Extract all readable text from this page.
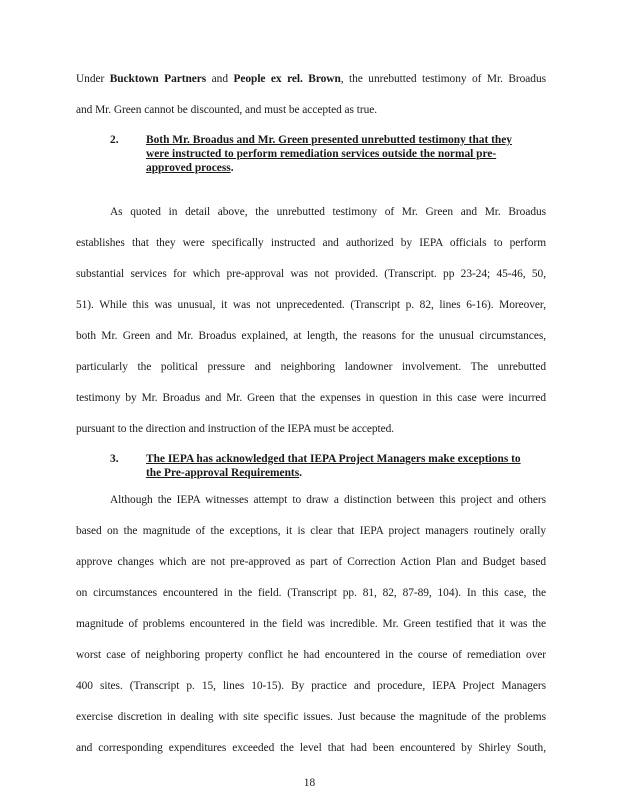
Under Bucktown Partners and People ex rel. Brown, the unrebutted testimony of Mr. Broadus
and Mr. Green cannot be discounted, and must be accepted as true.
2. Both Mr. Broadus and Mr. Green presented unrebutted testimony that they
were instructed to perform remediation services outside the normal pre-
approved process.
As quoted in detail above, the unrebutted testimony of Mr. Green and Mr. Broadus
establishes that they were specifically instructed and authorized by IEPA officials to perform
substantial services for which pre-approval was not provided. (Transcript. pp 23-24; 45-46, 50,
51). While this was unusual, it was not unprecedented. (Transcript p. 82, lines 6-16). Moreover,
both Mr. Green and Mr. Broadus explained, at length, the reasons for the unusual circumstances,
particularly the political pressure and neighboring landowner involvement. The unrebutted
testimony by Mr. Broadus and Mr. Green that the expenses in question in this case were incurred
pursuant to the direction and instruction of the IEPA must be accepted.
3. The IEPA has acknowledged that IEPA Project Managers make exceptions to
the Pre-approval Requirements.
Although the IEPA witnesses attempt to draw a distinction between this project and others
based on the magnitude of the exceptions, it is clear that IEPA project managers routinely orally
approve changes which are not pre-approved as part of Correction Action Plan and Budget based
on circumstances encountered in the field. (Transcript pp. 81, 82, 87-89, 104). In this case, the
magnitude of problems encountered in the field was incredible. Mr. Green testified that it was the
worst case of neighboring property conflict he had encountered in the course of remediation over
400 sites. (Transcript p. 15, lines 10-15). By practice and procedure, IEPA Project Managers
exercise discretion in dealing with site specific issues. Just because the magnitude of the problems
and corresponding expenditures exceeded the level that had been encountered by Shirley South,
18
